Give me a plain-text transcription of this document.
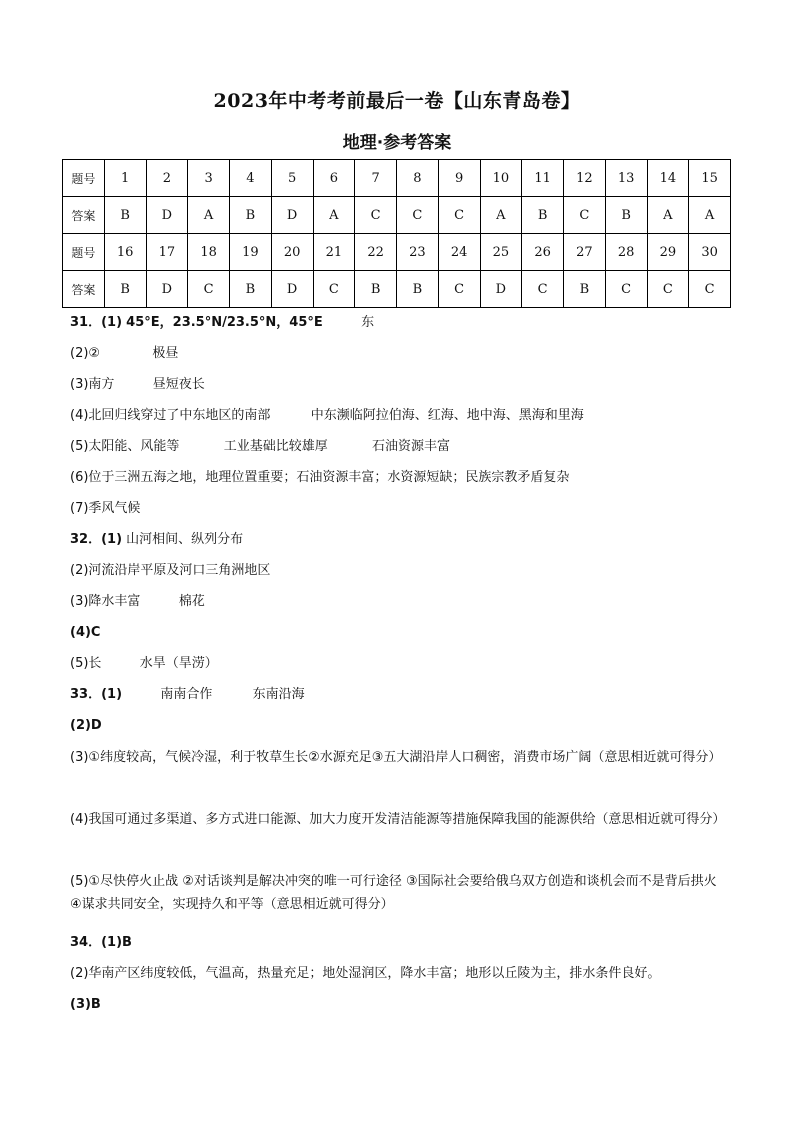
2023年中考考前最后一卷【山东青岛卷】
地理·参考答案
题号	1	2	3	4	5	6	7	8	9	10	11	12	13	14	15
答案	B	D	A	B	D	A	C	C	C	A	B	C	B	A	A
题号	16	17	18	19	20	21	22	23	24	25	26	27	28	29	30
答案	B	D	C	B	D	C	B	B	C	D	C	B	C	C	C
31．(1) 45°E，23.5°N/23.5°N，45°E	东
(2)②	极昼
(3)南方	昼短夜长
(4)北回归线穿过了中东地区的南部	中东濒临阿拉伯海、红海、地中海、黑海和里海
(5)太阳能、风能等	工业基础比较雄厚	石油资源丰富
(6)位于三洲五海之地，地理位置重要；石油资源丰富；水资源短缺；民族宗教矛盾复杂
(7)季风气候
32．(1) 山河相间、纵列分布
(2)河流沿岸平原及河口三角洲地区
(3)降水丰富	棉花
(4)C
(5)长	水旱（旱涝）
33．(1)	南南合作	东南沿海
(2)D
(3)①纬度较高，气候冷湿，利于牧草生长②水源充足③五大湖沿岸人口稠密，消费市场广阔（意思相近就可得分）
(4)我国可通过多渠道、多方式进口能源、加大力度开发清洁能源等措施保障我国的能源供给（意思相近就可得分）
(5)①尽快停火止战 ②对话谈判是解决冲突的唯一可行途径 ③国际社会要给俄乌双方创造和谈机会而不是背后拱火 ④谋求共同安全，实现持久和平等（意思相近就可得分）
34．(1)B
(2)华南产区纬度较低，气温高，热量充足；地处湿润区，降水丰富；地形以丘陵为主，排水条件良好。
(3)B
